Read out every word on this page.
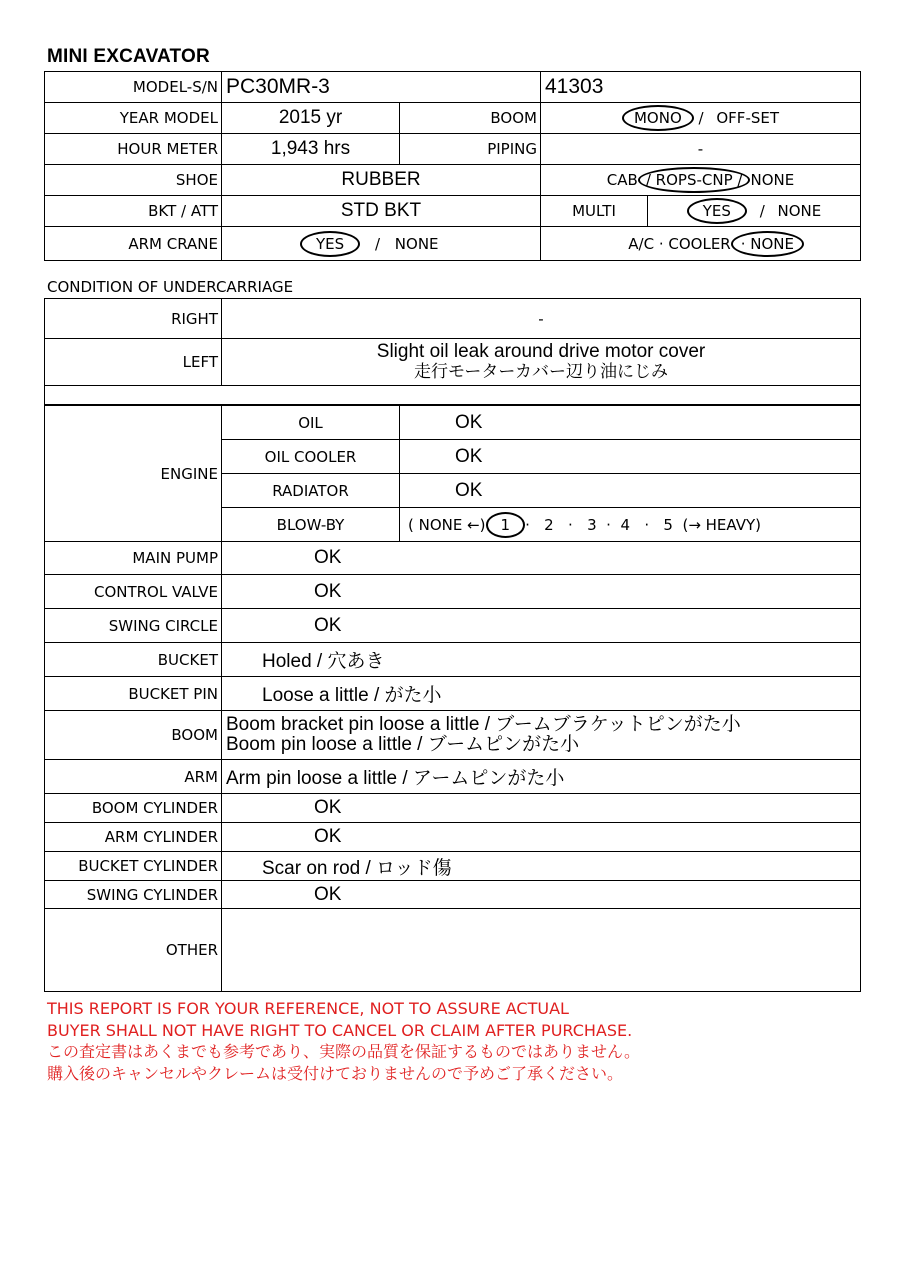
MINI EXCAVATOR
MODEL-S/N	PC30MR-3		41303	
YEAR MODEL	2015 yr	BOOM	MONO / OFF-SET	
HOUR METER	1,943 hrs	PIPING	-	
SHOE	RUBBER		CAB / ROPS-CNP / NONE	
BKT / ATT	STD BKT		MULTI	YES / NONE
ARM CRANE	YES / NONE		A/C · COOLER · NONE	
CONDITION OF UNDERCARRIAGE
RIGHT	-
LEFT	Slight oil leak around drive motor cover
走行モーターカバー辺り油にじみ

ENGINE	OIL	OK
	OIL COOLER	OK
	RADIATOR	OK
	BLOW-BY	( NONE ←) 1 ·   2   ·   3  ·  4   ·   5  (→ HEAVY)
MAIN PUMP	OK
CONTROL VALVE	OK
SWING CIRCLE	OK
BUCKET	Holed / 穴あき
BUCKET PIN	Loose a little / がた小
BOOM	Boom bracket pin loose a little / ブームブラケットピンがた小
Boom pin loose a little / ブームピンがた小

ARM	Arm pin loose a little / アームピンがた小
BOOM CYLINDER	OK
ARM CYLINDER	OK
BUCKET CYLINDER	Scar on rod / ロッド傷
SWING CYLINDER	OK
OTHER	
THIS REPORT IS FOR YOUR REFERENCE, NOT TO ASSURE ACTUAL
BUYER SHALL NOT HAVE RIGHT TO CANCEL OR CLAIM AFTER PURCHASE.
この査定書はあくまでも参考であり、実際の品質を保証するものではありません。
購入後のキャンセルやクレームは受付けておりませんので予めご了承ください。
